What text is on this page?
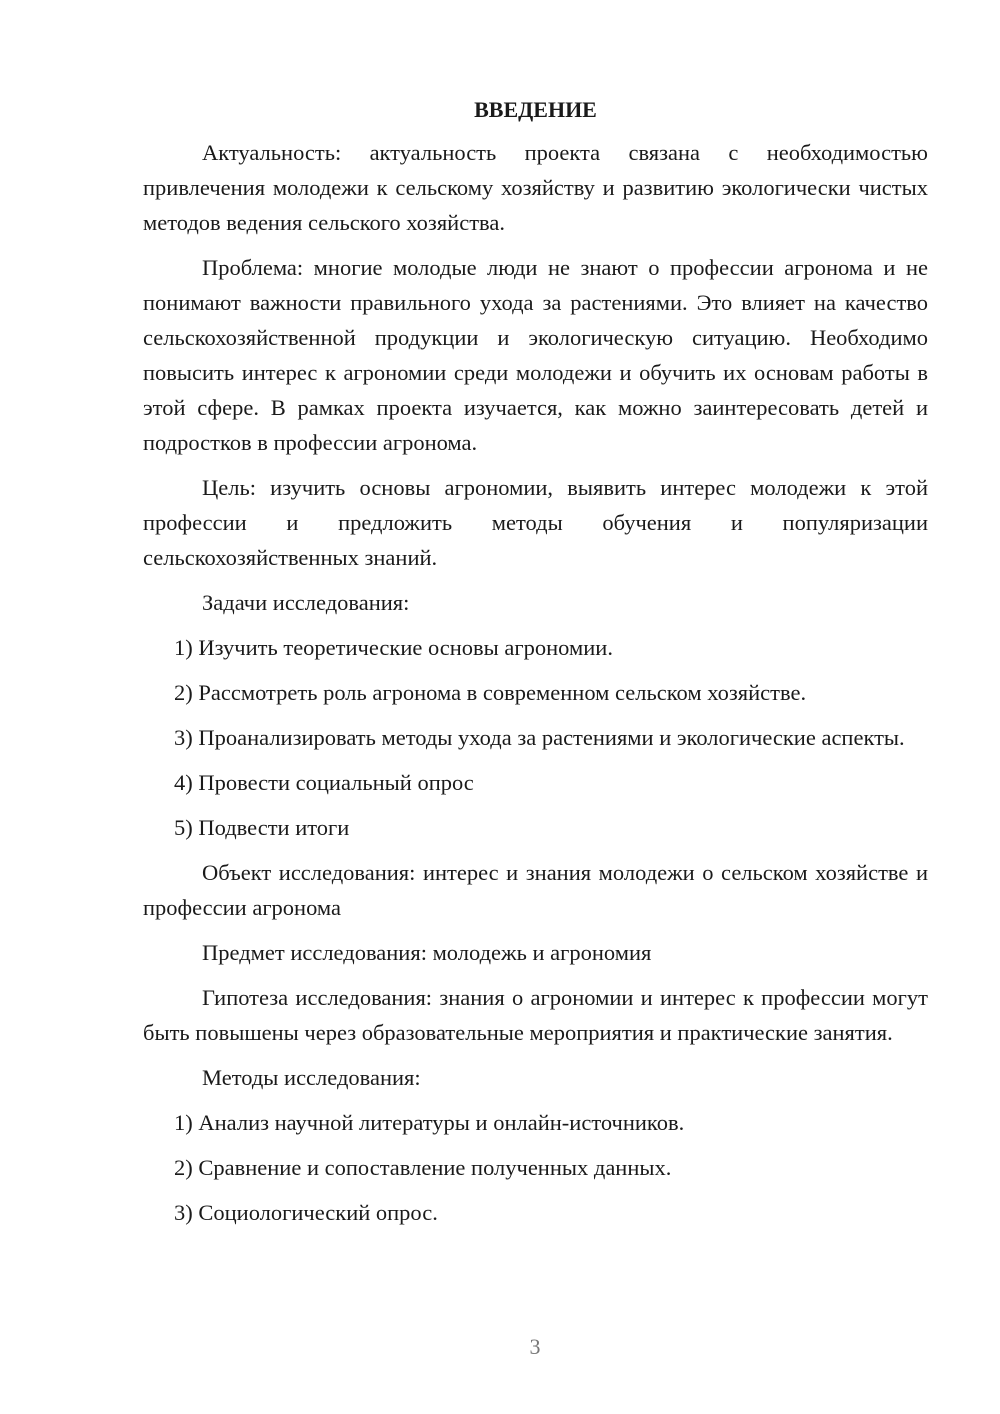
ВВЕДЕНИЕ

Актуальность: актуальность проекта связана с необходимостью привлечения молодежи к сельскому хозяйству и развитию экологически чистых методов ведения сельского хозяйства.

Проблема: многие молодые люди не знают о профессии агронома и не понимают важности правильного ухода за растениями. Это влияет на качество сельскохозяйственной продукции и экологическую ситуацию. Необходимо повысить интерес к агрономии среди молодежи и обучить их основам работы в этой сфере. В рамках проекта изучается, как можно заинтересовать детей и подростков в профессии агронома.

Цель: изучить основы агрономии, выявить интерес молодежи к этой профессии и предложить методы обучения и популяризации сельскохозяйственных знаний.

Задачи исследования:

1) Изучить теоретические основы агрономии.

2) Рассмотреть роль агронома в современном сельском хозяйстве.

3) Проанализировать методы ухода за растениями и экологические аспекты.

4) Провести социальный опрос

5) Подвести итоги

Объект исследования: интерес и знания молодежи о сельском хозяйстве и профессии агронома

Предмет исследования: молодежь и агрономия

Гипотеза исследования: знания о агрономии и интерес к профессии могут быть повышены через образовательные мероприятия и практические занятия.

Методы исследования:

1) Анализ научной литературы и онлайн-источников.

2) Сравнение и сопоставление полученных данных.

3) Социологический опрос.

3
